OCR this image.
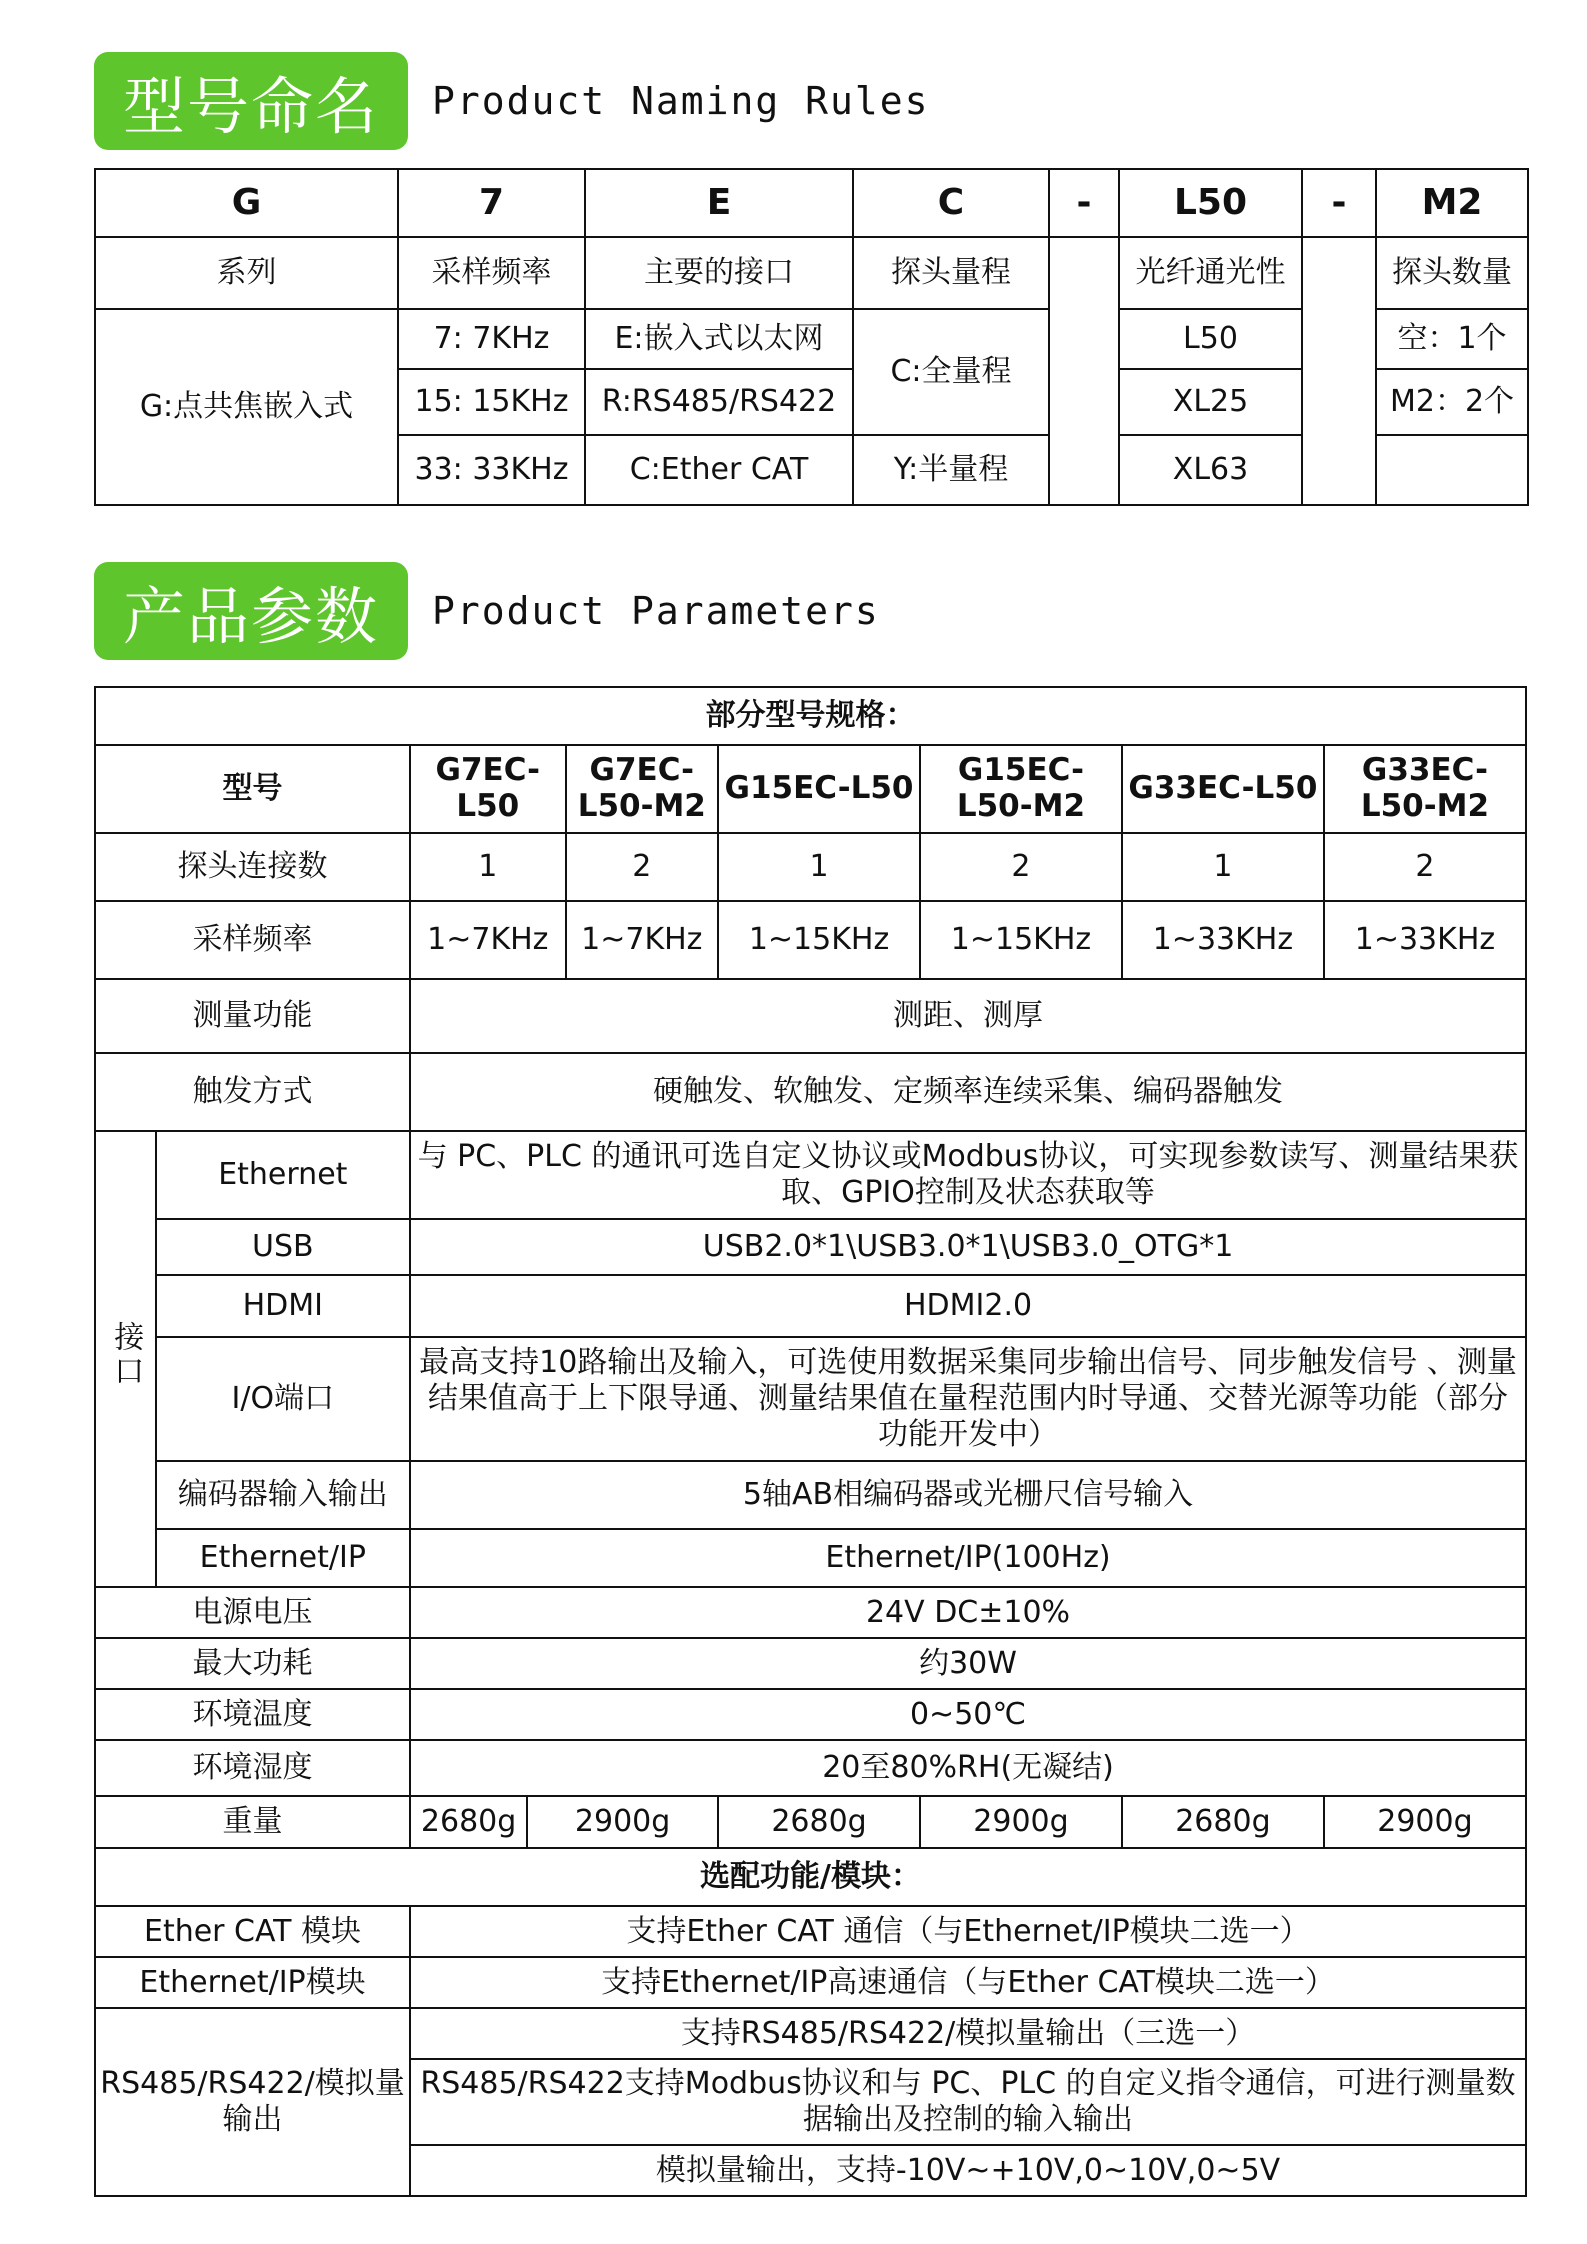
型号命名	Product Naming Rules
G	7	E	C	-	L50	-	M2
系列	采样频率	主要的接口	探头量程		光纤通光性		探头数量
G:点共焦嵌入式	7: 7KHz	E:嵌入式以太网	C:全量程		L50		空：1个
	15: 15KHz	R:RS485/RS422			XL25		M2：2个
	33: 33KHz	C:Ether CAT	Y:半量程		XL63		
产品参数	Product Parameters
部分型号规格：								
型号		G7EC-L50		G7EC-L50-M2	G15EC-L50	G15EC-L50-M2	G33EC-L50	G33EC-L50-M2
探头连接数		1		2	1	2	1	2
采样频率		1~7KHz		1~7KHz	1~15KHz	1~15KHz	1~33KHz	1~33KHz
测量功能		测距、测厚						
触发方式		硬触发、软触发、定频率连续采集、编码器触发						
接口	Ethernet	与 PC、PLC 的通讯可选自定义协议或Modbus协议，可实现参数读写、测量结果获取、GPIO控制及状态获取等						
	USB	USB2.0*1\USB3.0*1\USB3.0_OTG*1						
	HDMI	HDMI2.0						
	I/O端口	最高支持10路输出及输入，可选使用数据采集同步输出信号、同步触发信号 、测量结果值高于上下限导通、测量结果值在量程范围内时导通、交替光源等功能（部分功能开发中）						
	编码器输入输出	5轴AB相编码器或光栅尺信号输入						
	Ethernet/IP	Ethernet/IP(100Hz)						
电源电压		24V DC±10%						
最大功耗		约30W						
环境温度		0~50℃						
环境湿度		20至80%RH(无凝结)						
重量		2680g	2900g		2680g	2900g	2680g	2900g
选配功能/模块：								
Ether CAT 模块		支持Ether CAT 通信（与Ethernet/IP模块二选一）						
Ethernet/IP模块		支持Ethernet/IP高速通信（与Ether CAT模块二选一）						
RS485/RS422/模拟量输出		支持RS485/RS422/模拟量输出（三选一）						
		RS485/RS422支持Modbus协议和与 PC、PLC 的自定义指令通信，可进行测量数据输出及控制的输入输出						
		模拟量输出，支持-10V~+10V,0~10V,0~5V						
